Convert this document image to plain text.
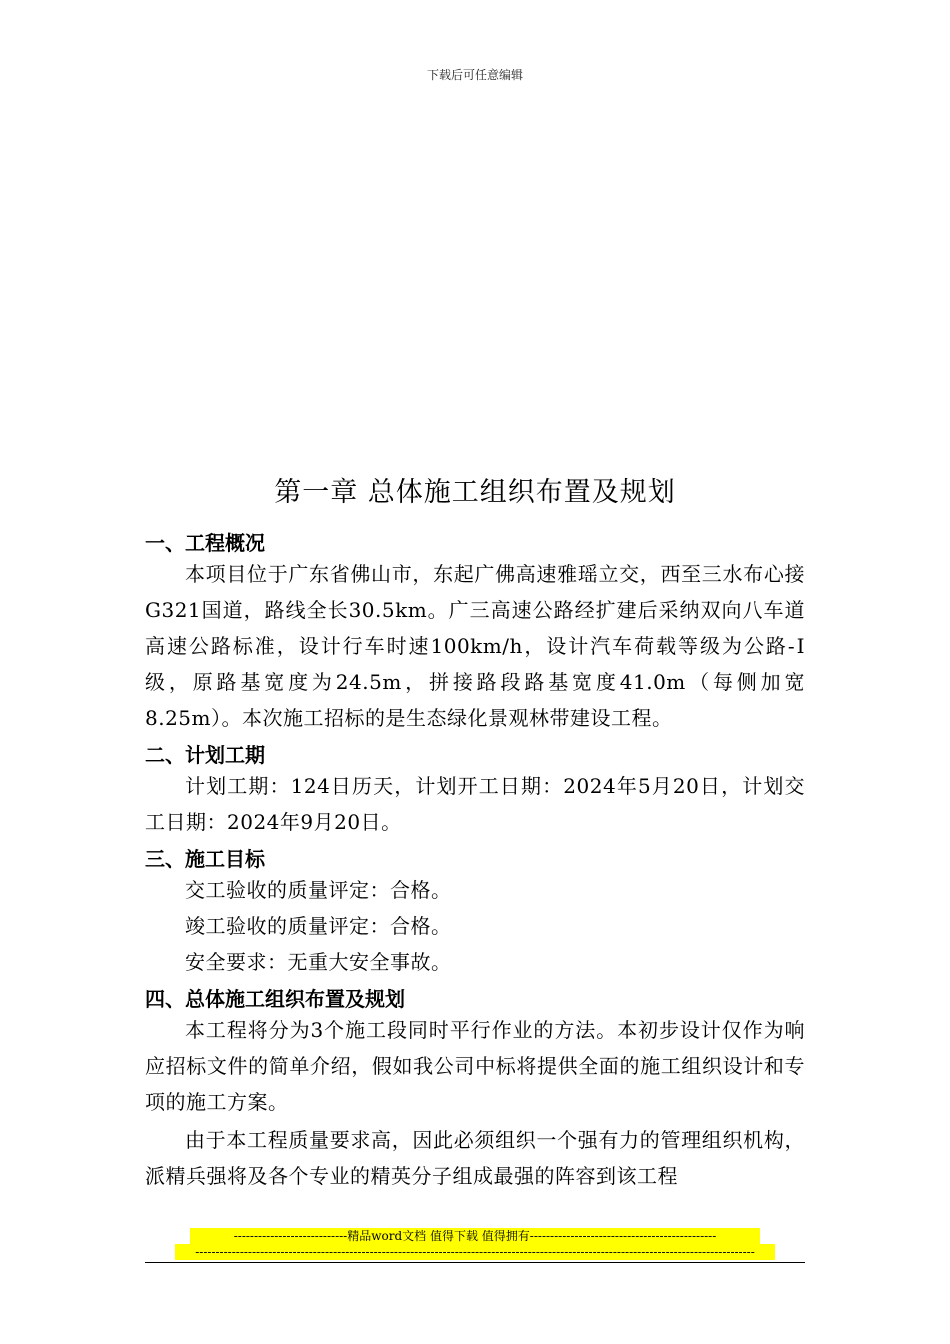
下载后可任意编辑
第一章 总体施工组织布置及规划

一、工程概况

本项目位于广东省佛山市，东起广佛高速雅瑶立交，西至三水布心接G321国道，路线全长30.5km。广三高速公路经扩建后采纳双向八车道高速公路标准，设计行车时速100km/h，设计汽车荷载等级为公路-Ⅰ级，原路基宽度为24.5m，拼接路段路基宽度41.0m（每侧加宽8.25m）。本次施工招标的是生态绿化景观林带建设工程。

二、计划工期

计划工期：124日历天，计划开工日期：2024年5月20日，计划交工日期：2024年9月20日。

三、施工目标

交工验收的质量评定：合格。

竣工验收的质量评定：合格。

安全要求：无重大安全事故。

四、总体施工组织布置及规划

本工程将分为3个施工段同时平行作业的方法。本初步设计仅作为响应招标文件的简单介绍，假如我公司中标将提供全面的施工组织设计和专项的施工方案。

由于本工程质量要求高，因此必须组织一个强有力的管理组织机构，派精兵强将及各个专业的精英分子组成最强的阵容到该工程

----------------------------精品word文档 值得下载 值得拥有----------------------------------------------
------------------------------------------------------------------------------------------------------------------------------------------
